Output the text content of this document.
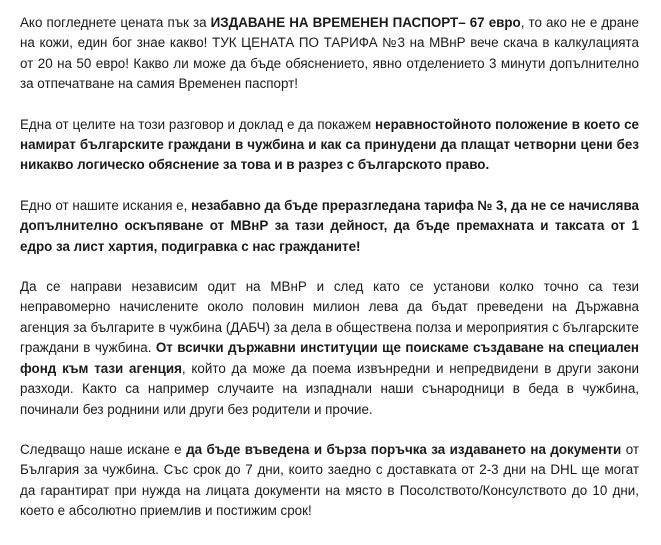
Ако погледнете цената пък за ИЗДАВАНЕ НА ВРЕМЕНЕН ПАСПОРТ– 67 евро, то ако не е дране на кожи, един бог знае какво! ТУК ЦЕНАТА ПО ТАРИФА №3 на МВнР вече скача в калкулацията от 20 на 50 евро! Какво ли може да бъде обяснението, явно отделението 3 минути допълнително за отпечатване на самия Временен паспорт!

Една от целите на този разговор и доклад е да покажем неравностойното положение в което се намират българските граждани в чужбина и как са принудени да плащат четворни цени без никакво логическо обяснение за това и в разрез с българското право.

Едно от нашите искания е, незабавно да бъде преразгледана тарифа № 3, да не се начислява допълнително оскъпяване от МВнР за тази дейност, да бъде премахната и таксата от 1 едро за лист хартия, подигравка с нас гражданите!

Да се направи независим одит на МВнР и след като се установи колко точно са тези неправомерно начислените около половин милион лева да бъдат преведени на Държавна агенция за българите в чужбина (ДАБЧ) за дела в обществена полза и мероприятия с българските граждани в чужбина. От всички държавни институции ще поискаме създаване на специален фонд към тази агенция, който да може да поема извънредни и непредвидени в други закони разходи. Както са например случаите на изпаднали наши сънародници в беда в чужбина, починали без роднини или други без родители и прочие.

Следващо наше искане е да бъде въведена и бърза поръчка за издаването на документи от България за чужбина. Със срок до 7 дни, които заедно с доставката от 2-3 дни на DHL ще могат да гарантират при нужда на лицата документи на място в Посолството/Консулството до 10 дни, което е абсолютно приемлив и постижим срок!
